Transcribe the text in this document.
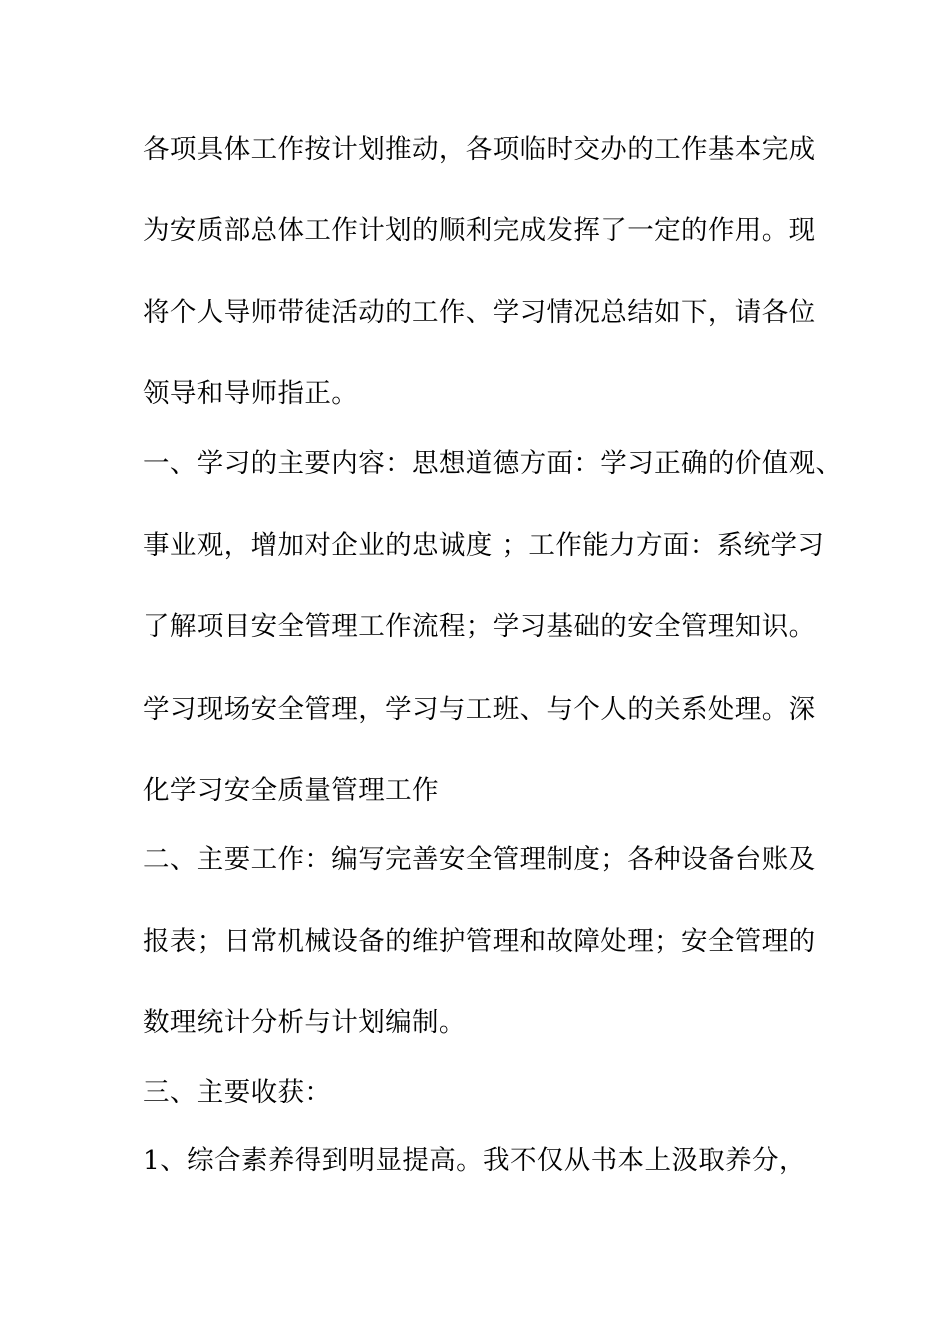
各项具体工作按计划推动，各项临时交办的工作基本完成
为安质部总体工作计划的顺利完成发挥了一定的作用。现
将个人导师带徒活动的工作、学习情况总结如下，请各位
领导和导师指正。
一、学习的主要内容：思想道德方面：学习正确的价值观、
事业观，增加对企业的忠诚度 ；工作能力方面：系统学习
了解项目安全管理工作流程；学习基础的安全管理知识。
学习现场安全管理，学习与工班、与个人的关系处理。深
化学习安全质量管理工作
二、主要工作：编写完善安全管理制度；各种设备台账及
报表；日常机械设备的维护管理和故障处理；安全管理的
数理统计分析与计划编制。
三、主要收获：
1、综合素养得到明显提高。我不仅从书本上汲取养分，
